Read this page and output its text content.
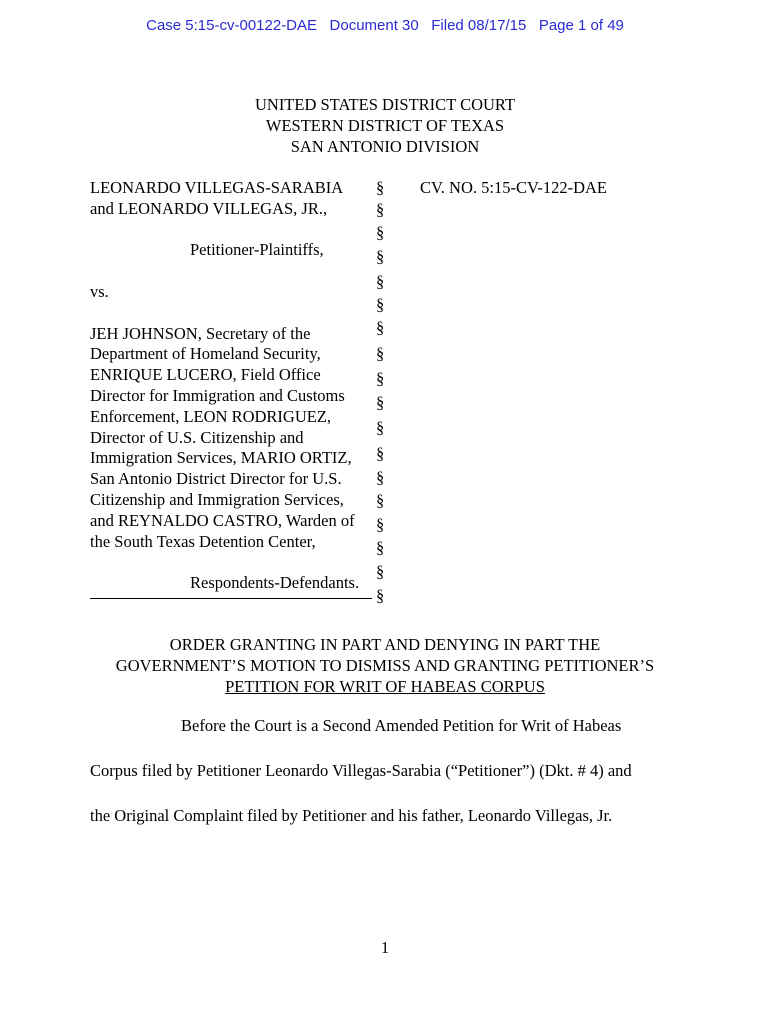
Case 5:15-cv-00122-DAE   Document 30   Filed 08/17/15   Page 1 of 49
UNITED STATES DISTRICT COURT
WESTERN DISTRICT OF TEXAS
SAN ANTONIO DIVISION
LEONARDO VILLEGAS-SARABIA
and LEONARDO VILLEGAS, JR.,
Petitioner-Plaintiffs,
vs.
JEH JOHNSON, Secretary of the
Department of Homeland Security,
ENRIQUE LUCERO, Field Office
Director for Immigration and Customs
Enforcement, LEON RODRIGUEZ,
Director of U.S. Citizenship and
Immigration Services, MARIO ORTIZ,
San Antonio District Director for U.S.
Citizenship and Immigration Services,
and REYNALDO CASTRO, Warden of
the South Texas Detention Center,
Respondents-Defendants.
§
§
§
§
§
§
§
§
§
§
§
§
§
§
§
§
§
§
CV. NO. 5:15-CV-122-DAE
ORDER GRANTING IN PART AND DENYING IN PART THE
GOVERNMENT’S MOTION TO DISMISS AND GRANTING PETITIONER’S
PETITION FOR WRIT OF HABEAS CORPUS
Before the Court is a Second Amended Petition for Writ of Habeas
Corpus filed by Petitioner Leonardo Villegas-Sarabia (“Petitioner”) (Dkt. # 4) and
the Original Complaint filed by Petitioner and his father, Leonardo Villegas, Jr.
1
